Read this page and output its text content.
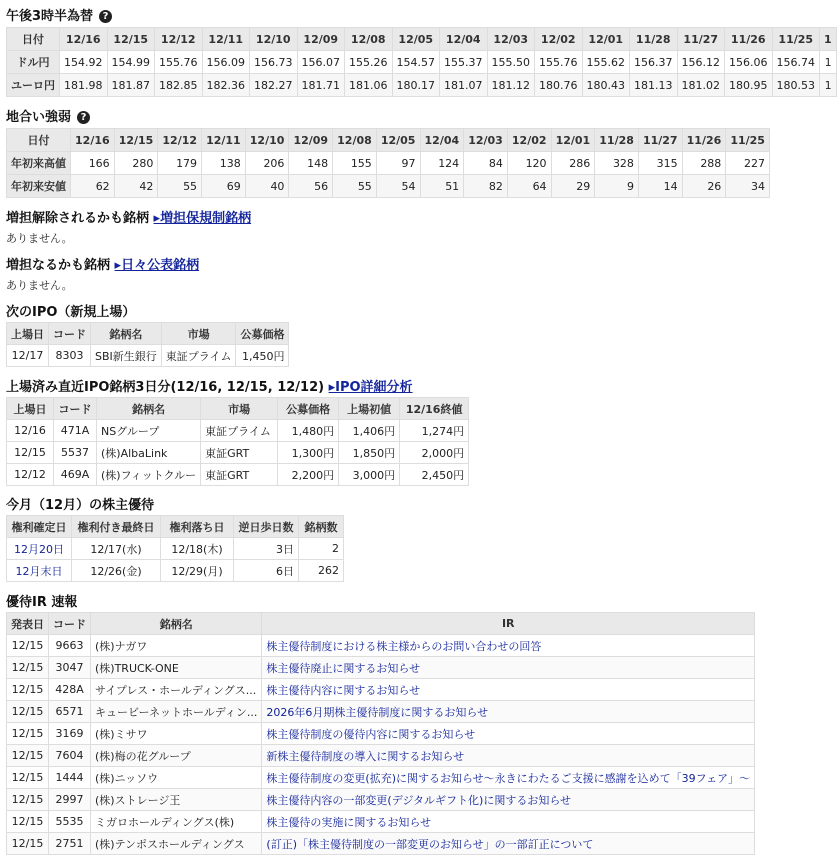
午後3時半為替 ?
日付	12/16	12/15	12/12	12/11	12/10	12/09	12/08	12/05	12/04	12/03	12/02	12/01	11/28	11/27	11/26	11/25	1
ドル円	154.92	154.99	155.76	156.09	156.73	156.07	155.26	154.57	155.37	155.50	155.76	155.62	156.37	156.12	156.06	156.74	1
ユーロ円	181.98	181.87	182.85	182.36	182.27	181.71	181.06	180.17	181.07	181.12	180.76	180.43	181.13	181.02	180.95	180.53	1
地合い強弱 ?
日付	12/16	12/15	12/12	12/11	12/10	12/09	12/08	12/05	12/04	12/03	12/02	12/01	11/28	11/27	11/26	11/25
年初来高値	166	280	179	138	206	148	155	97	124	84	120	286	328	315	288	227
年初来安値	62	42	55	69	40	56	55	54	51	82	64	29	9	14	26	34
増担解除されるかも銘柄 ▸増担保規制銘柄
ありません。
増担なるかも銘柄 ▸日々公表銘柄
ありません。
次のIPO（新規上場）
上場日	コード	銘柄名	市場	公募価格
12/17	8303	SBI新生銀行	東証プライム	1,450円
上場済み直近IPO銘柄3日分(12/16, 12/15, 12/12) ▸IPO詳細分析
上場日	コード	銘柄名	市場	公募価格	上場初値	12/16終値
12/16	471A	NSグループ	東証プライム	1,480円	1,406円	1,274円
12/15	5537	(株)AlbaLink	東証GRT	1,300円	1,850円	2,000円
12/12	469A	(株)フィットクルー	東証GRT	2,200円	3,000円	2,450円
今月（12月）の株主優待
権利確定日	権利付き最終日	権利落ち日	逆日歩日数	銘柄数
12月20日	12/17(水)	12/18(木)	3日	2
12月末日	12/26(金)	12/29(月)	6日	262
優待IR 速報
発表日	コード	銘柄名	IR
12/15	9663	(株)ナガワ	株主優待制度における株主様からのお問い合わせの回答
12/15	3047	(株)TRUCK-ONE	株主優待廃止に関するお知らせ
12/15	428A	サイプレス・ホールディングス...	株主優待内容に関するお知らせ
12/15	6571	キュービーネットホールディン...	2026年6月期株主優待制度に関するお知らせ
12/15	3169	(株)ミサワ	株主優待制度の優待内容に関するお知らせ
12/15	7604	(株)梅の花グループ	新株主優待制度の導入に関するお知らせ
12/15	1444	(株)ニッソウ	株主優待制度の変更(拡充)に関するお知らせ～永きにわたるご支援に感謝を込めて「39フェア」～
12/15	2997	(株)ストレージ王	株主優待内容の一部変更(デジタルギフト化)に関するお知らせ
12/15	5535	ミガロホールディングス(株)	株主優待の実施に関するお知らせ
12/15	2751	(株)テンポスホールディングス	(訂正)「株主優待制度の一部変更のお知らせ」の一部訂正について
